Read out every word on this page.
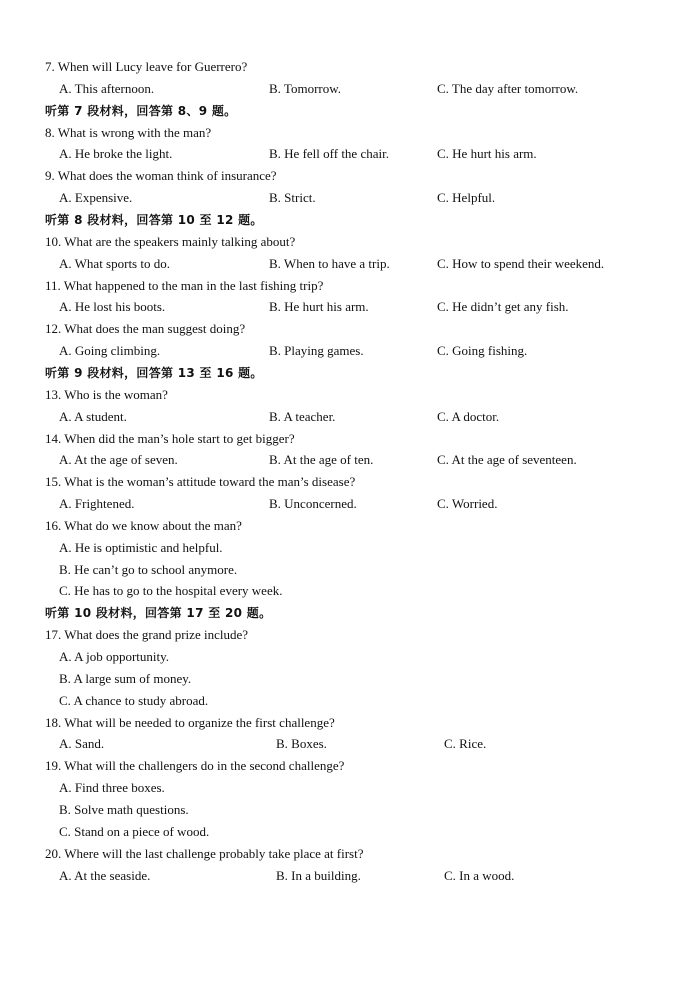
7. When will Lucy leave for Guerrero?
A. This afternoon.	B. Tomorrow.	C. The day after tomorrow.
听第 7 段材料，回答第 8、9 题。
8. What is wrong with the man?
A. He broke the light.	B. He fell off the chair.	C. He hurt his arm.
9. What does the woman think of insurance?
A. Expensive.	B. Strict.	C. Helpful.
听第 8 段材料，回答第 10 至 12 题。
10. What are the speakers mainly talking about?
A. What sports to do.	B. When to have a trip.	C. How to spend their weekend.
11. What happened to the man in the last fishing trip?
A. He lost his boots.	B. He hurt his arm.	C. He didn’t get any fish.
12. What does the man suggest doing?
A. Going climbing.	B. Playing games.	C. Going fishing.
听第 9 段材料，回答第 13 至 16 题。
13. Who is the woman?
A. A student.	B. A teacher.	C. A doctor.
14. When did the man’s hole start to get bigger?
A. At the age of seven.	B. At the age of ten.	C. At the age of seventeen.
15. What is the woman’s attitude toward the man’s disease?
A. Frightened.	B. Unconcerned.	C. Worried.
16. What do we know about the man?
A. He is optimistic and helpful.
B. He can’t go to school anymore.
C. He has to go to the hospital every week.
听第 10 段材料，回答第 17 至 20 题。
17. What does the grand prize include?
A. A job opportunity.
B. A large sum of money.
C. A chance to study abroad.
18. What will be needed to organize the first challenge?
A. Sand.	B. Boxes.	C. Rice.
19. What will the challengers do in the second challenge?
A. Find three boxes.
B. Solve math questions.
C. Stand on a piece of wood.
20. Where will the last challenge probably take place at first?
A. At the seaside.	B. In a building.	C. In a wood.
